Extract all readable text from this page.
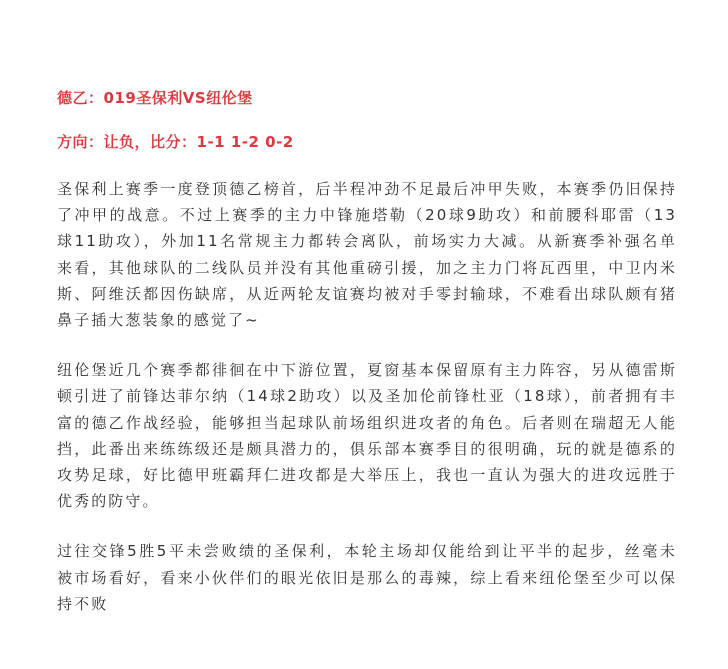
德乙：019圣保利VS纽伦堡

方向：让负，比分：1-1 1-2 0-2

圣保利上赛季一度登顶德乙榜首，后半程冲劲不足最后冲甲失败，本赛季仍旧保持了冲甲的战意。不过上赛季的主力中锋施塔勒（20球9助攻）和前腰科耶雷（13球11助攻），外加11名常规主力都转会离队，前场实力大减。从新赛季补强名单来看，其他球队的二线队员并没有其他重磅引援，加之主力门将瓦西里，中卫内米斯、阿维沃都因伤缺席，从近两轮友谊赛均被对手零封输球，不难看出球队颇有猪鼻子插大葱装象的感觉了~

纽伦堡近几个赛季都徘徊在中下游位置，夏窗基本保留原有主力阵容，另从德雷斯顿引进了前锋达菲尔纳（14球2助攻）以及圣加伦前锋杜亚（18球），前者拥有丰富的德乙作战经验，能够担当起球队前场组织进攻者的角色。后者则在瑞超无人能挡，此番出来练练级还是颇具潜力的，俱乐部本赛季目的很明确，玩的就是德系的攻势足球，好比德甲班霸拜仁进攻都是大举压上，我也一直认为强大的进攻远胜于优秀的防守。

过往交锋5胜5平未尝败绩的圣保利，本轮主场却仅能给到让平半的起步，丝毫未被市场看好，看来小伙伴们的眼光依旧是那么的毒辣，综上看来纽伦堡至少可以保持不败
